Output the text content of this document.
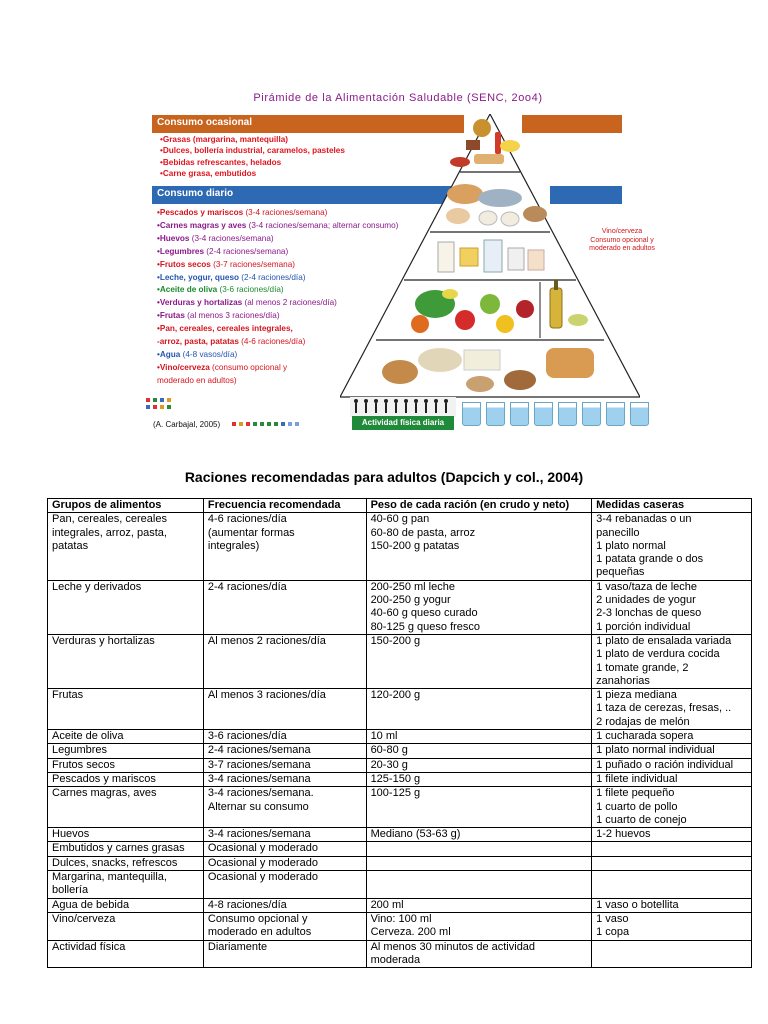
Pirámide de la Alimentación Saludable (SENC, 2oo4)
Consumo ocasional
•Grasas (margarina, mantequilla)
•Dulces, bollería industrial, caramelos, pasteles
•Bebidas refrescantes, helados
•Carne grasa, embutidos
Consumo diario
•Pescados y mariscos (3-4 raciones/semana)
•Carnes magras y aves (3-4 raciones/semana; alternar consumo)
•Huevos (3-4 raciones/semana)
•Legumbres (2-4 raciones/semana)
•Frutos secos (3-7 raciones/semana)
•Leche, yogur, queso (2-4 raciones/día)
•Aceite de oliva (3-6 raciones/día)
•Verduras y hortalizas (al menos 2 raciones/día)
•Frutas (al menos 3 raciones/día)
•Pan, cereales, cereales integrales,
-arroz, pasta, patatas (4-6 raciones/día)
•Agua (4-8 vasos/día)
•Vino/cerveza (consumo opcional y
moderado en adultos)
Vino/cerveza
Consumo opcional y
moderado en adultos
Actividad física diaria
(A. Carbajal, 2005)
Raciones recomendadas para adultos (Dapcich y col., 2004)
Grupos de alimentos	Frecuencia recomendada	Peso de cada ración (en crudo y neto)	Medidas caseras

Pan, cereales, cereales
integrales, arroz, pasta,
patatas	4-6 raciones/día
(aumentar formas
integrales)	40-60 g pan
60-80 de pasta, arroz
150-200 g patatas	3-4 rebanadas o un
panecillo
1 plato normal
1 patata grande o dos
pequeñas

Leche y derivados	2-4 raciones/día	200-250 ml leche
200-250 g yogur
40-60 g queso curado
80-125 g queso fresco	1 vaso/taza de leche
2 unidades de yogur
2-3 lonchas de queso
1 porción individual

Verduras y hortalizas	Al menos 2 raciones/día	150-200 g	1 plato de ensalada variada
1 plato de verdura cocida
1 tomate grande, 2
zanahorias

Frutas	Al menos 3 raciones/día	120-200 g	1 pieza mediana
1 taza de cerezas, fresas, ..
2 rodajas de melón

Aceite de oliva	3-6 raciones/día	10 ml	1 cucharada sopera

Legumbres	2-4 raciones/semana	60-80 g	1 plato normal individual

Frutos secos	3-7 raciones/semana	20-30 g	1 puñado o ración individual

Pescados y mariscos	3-4 raciones/semana	125-150 g	1 filete individual

Carnes magras, aves	3-4 raciones/semana.
Alternar su consumo	100-125 g	1 filete pequeño
1 cuarto de pollo
1 cuarto de conejo

Huevos	3-4 raciones/semana	Mediano (53-63 g)	1-2 huevos

Embutidos y carnes grasas	Ocasional y moderado		

Dulces, snacks, refrescos	Ocasional y moderado		

Margarina, mantequilla,
bollería	Ocasional y moderado		

Agua de bebida	4-8 raciones/día	200 ml	1 vaso o botellita

Vino/cerveza	Consumo opcional y
moderado en adultos	Vino: 100 ml
Cerveza. 200 ml	1 vaso
1 copa

Actividad física	Diariamente	Al menos 30 minutos de actividad
moderada	
